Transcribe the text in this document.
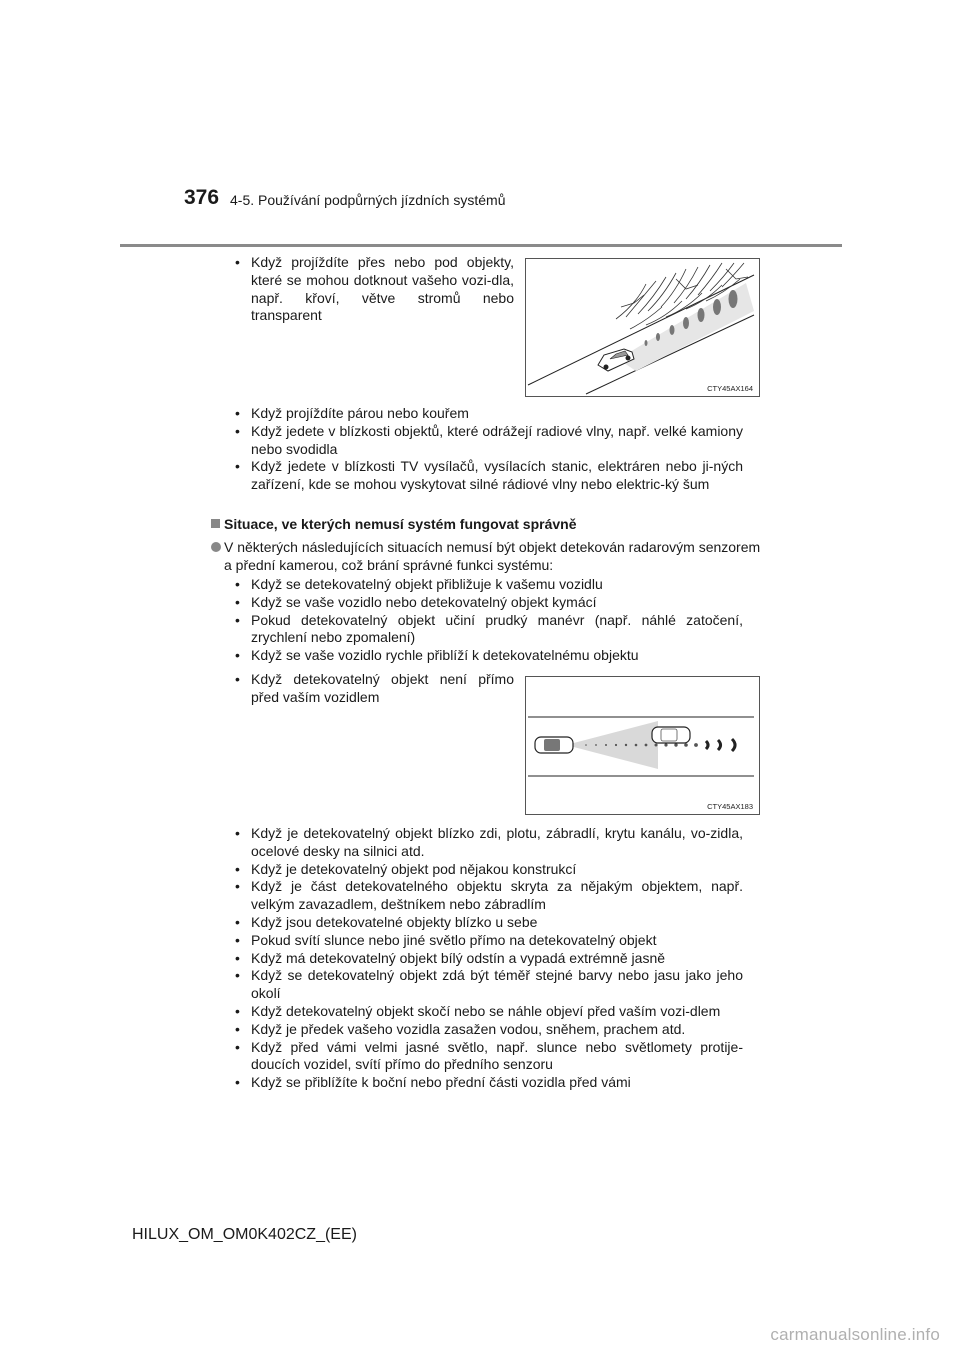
376 4-5. Používání podpůrných jízdních systémů
• Když projíždíte přes nebo pod objekty, které se mohou dotknout vašeho vozi-dla, např. křoví, větve stromů nebo transparent
CTY45AX164
• Když projíždíte párou nebo kouřem
• Když jedete v blízkosti objektů, které odrážejí radiové vlny, např. velké kamiony nebo svodidla
• Když jedete v blízkosti TV vysílačů, vysílacích stanic, elektráren nebo ji-ných zařízení, kde se mohou vyskytovat silné rádiové vlny nebo elektric-ký šum
Situace, ve kterých nemusí systém fungovat správně
V některých následujících situacích nemusí být objekt detekován radarovým senzorem a přední kamerou, což brání správné funkci systému:
• Když se detekovatelný objekt přibližuje k vašemu vozidlu
• Když se vaše vozidlo nebo detekovatelný objekt kymácí
• Pokud detekovatelný objekt učiní prudký manévr (např. náhlé zatočení, zrychlení nebo zpomalení)
• Když se vaše vozidlo rychle přiblíží k detekovatelnému objektu
• Když detekovatelný objekt není přímo před vaším vozidlem
CTY45AX183
• Když je detekovatelný objekt blízko zdi, plotu, zábradlí, krytu kanálu, vo-zidla, ocelové desky na silnici atd.
• Když je detekovatelný objekt pod nějakou konstrukcí
• Když je část detekovatelného objektu skryta za nějakým objektem, např. velkým zavazadlem, deštníkem nebo zábradlím
• Když jsou detekovatelné objekty blízko u sebe
• Pokud svítí slunce nebo jiné světlo přímo na detekovatelný objekt
• Když má detekovatelný objekt bílý odstín a vypadá extrémně jasně
• Když se detekovatelný objekt zdá být téměř stejné barvy nebo jasu jako jeho okolí
• Když detekovatelný objekt skočí nebo se náhle objeví před vaším vozi-dlem
• Když je předek vašeho vozidla zasažen vodou, sněhem, prachem atd.
• Když před vámi velmi jasné světlo, např. slunce nebo světlomety protije-doucích vozidel, svítí přímo do předního senzoru
• Když se přiblížíte k boční nebo přední části vozidla před vámi
HILUX_OM_OM0K402CZ_(EE)
carmanualsonline.info
